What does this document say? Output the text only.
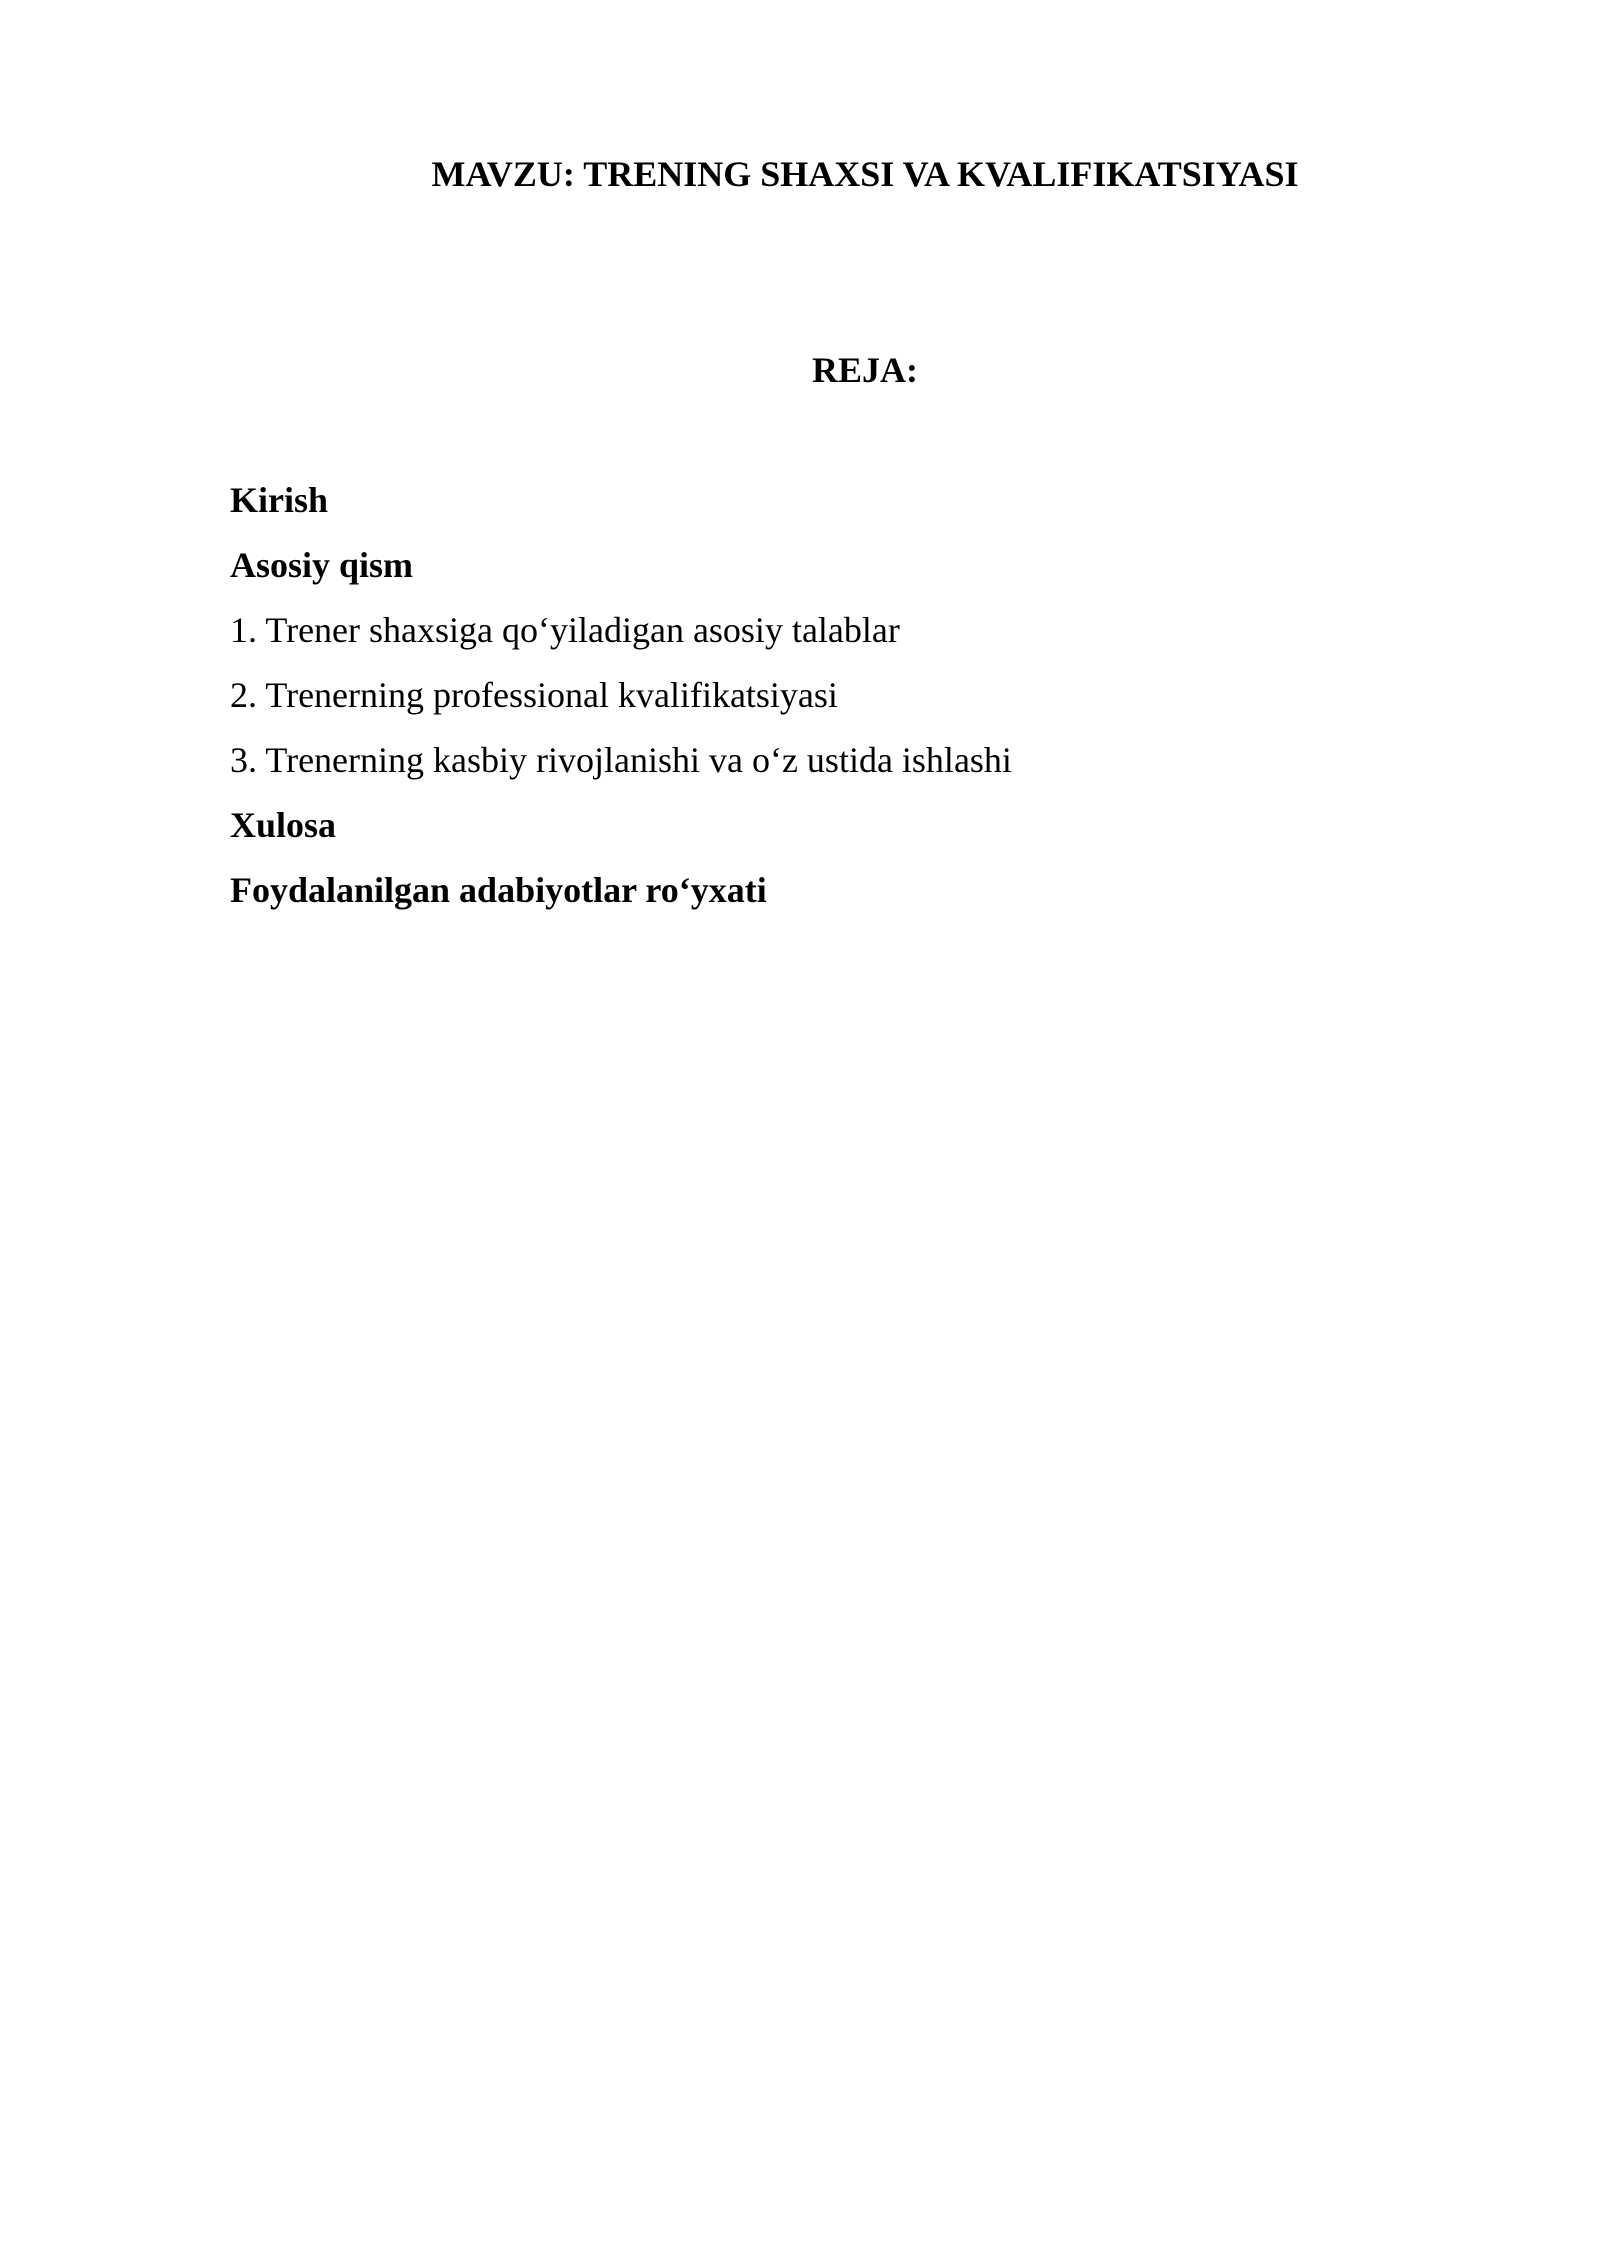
MAVZU: TRENING SHAXSI VA KVALIFIKATSIYASI
REJA:
Kirish
Asosiy qism
1. Trener shaxsiga qo‘yiladigan asosiy talablar
2. Trenerning professional kvalifikatsiyasi
3. Trenerning kasbiy rivojlanishi va o‘z ustida ishlashi
Xulosa
Foydalanilgan adabiyotlar ro‘yxati
